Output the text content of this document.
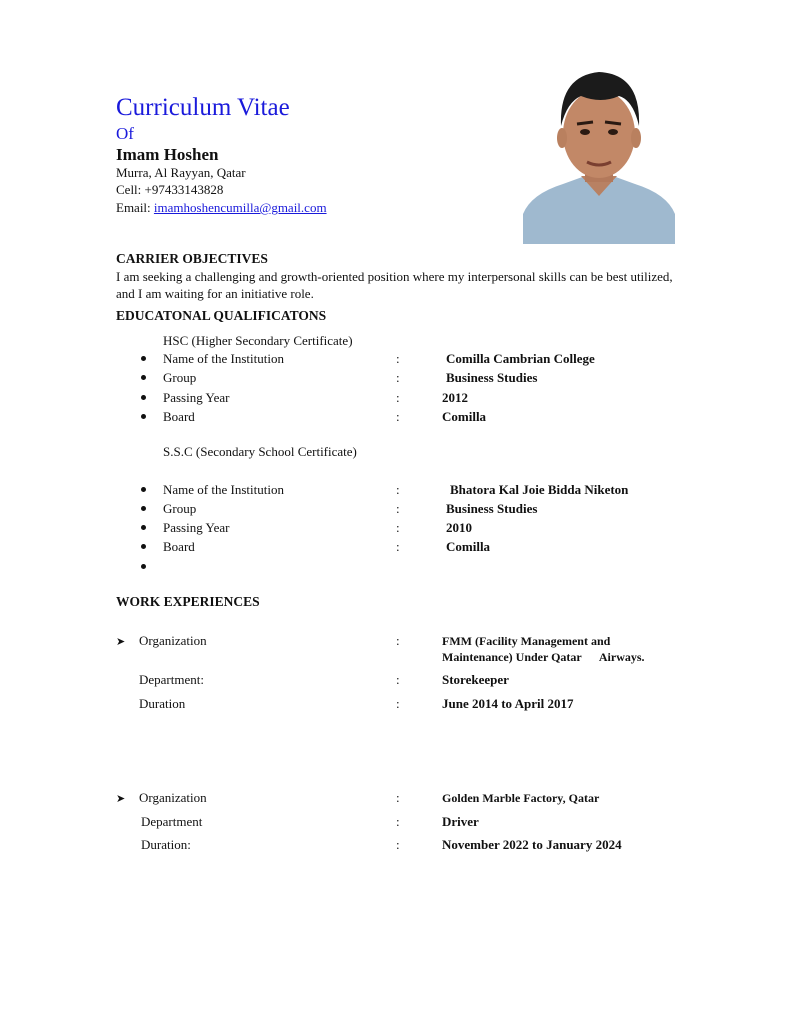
Curriculum Vitae
Of
Imam Hoshen
Murra, Al Rayyan, Qatar
Cell: +97433143828
Email: imamhoshencumilla@gmail.com
CARRIER OBJECTIVES
I am seeking a challenging and growth-oriented position where my interpersonal skills can be best utilized, and I am waiting for an initiative role.
EDUCATONAL QUALIFICATONS
HSC (Higher Secondary Certificate)
Name of the Institution	:	Comilla Cambrian College
Group	:	Business Studies
Passing Year	:	2012
Board	:	Comilla
S.S.C (Secondary School Certificate)
Name of the Institution	:	Bhatora Kal Joie Bidda Niketon
Group	:	Business Studies
Passing Year	:	2010
Board	:	Comilla
WORK EXPERIENCES
➤ Organization	:	FMM (Facility Management and
Maintenance) Under Qatar      Airways.
Department:	:	Storekeeper
Duration	:	June 2014 to April 2017
➤ Organization	:	Golden Marble Factory, Qatar
Department	:	Driver
Duration:	:	November 2022 to January 2024
